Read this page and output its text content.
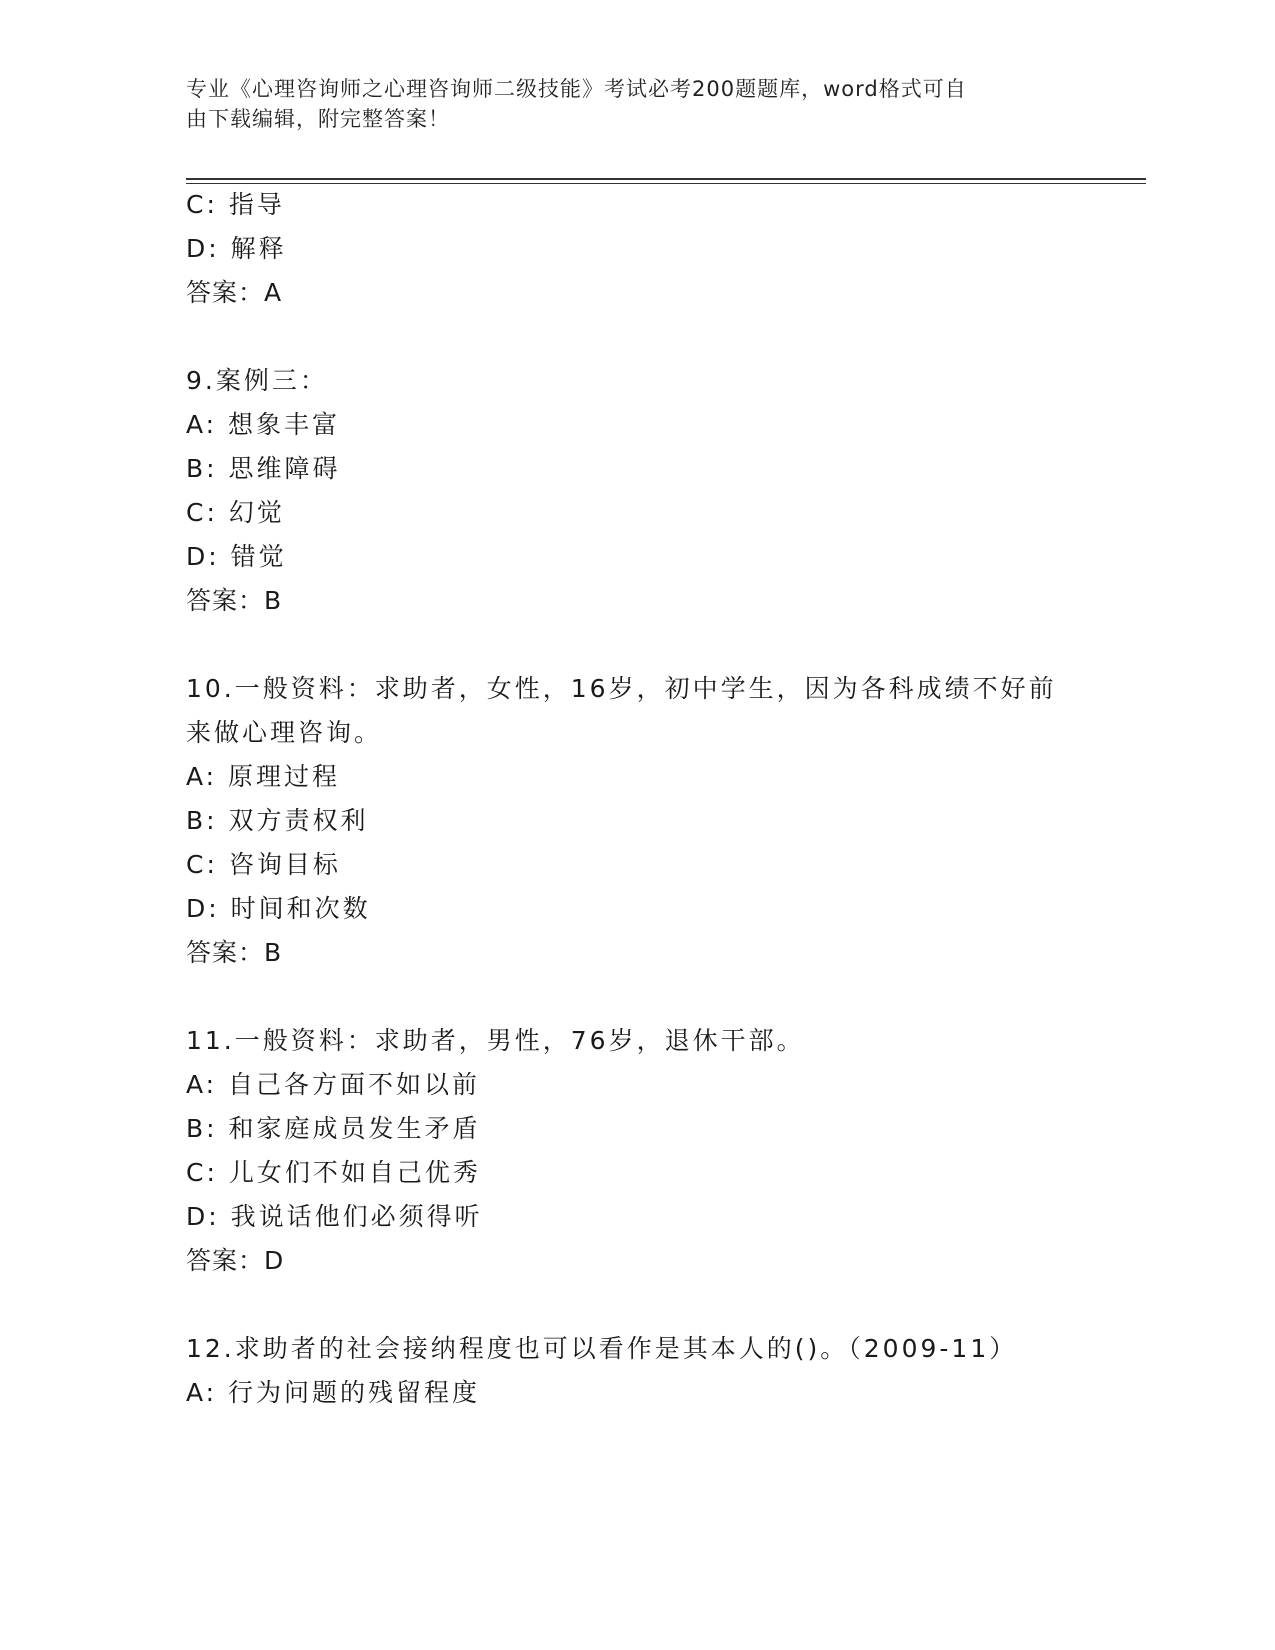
专业《心理咨询师之心理咨询师二级技能》考试必考200题题库，word格式可自
由下载编辑，附完整答案！
C: 指导
D: 解释
答案：A
9.案例三：
A: 想象丰富
B: 思维障碍
C: 幻觉
D: 错觉
答案：B
10.一般资料：求助者，女性，16岁，初中学生，因为各科成绩不好前
来做心理咨询。
A: 原理过程
B: 双方责权利
C: 咨询目标
D: 时间和次数
答案：B
11.一般资料：求助者，男性，76岁，退休干部。
A: 自己各方面不如以前
B: 和家庭成员发生矛盾
C: 儿女们不如自己优秀
D: 我说话他们必须得听
答案：D
12.求助者的社会接纳程度也可以看作是其本人的()。（2009-11）
A: 行为问题的残留程度
